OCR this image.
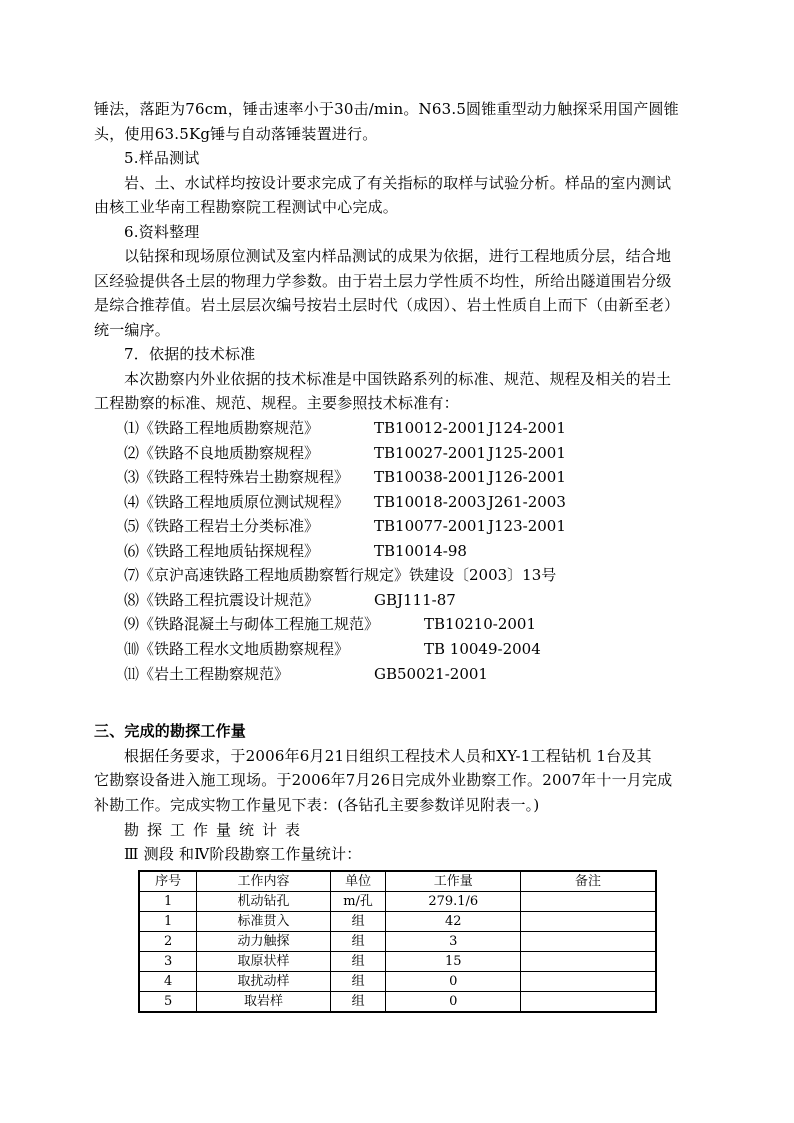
锤法，落距为76cm，锤击速率小于30击/min。N63.5圆锥重型动力触探采用国产圆锥
头，使用63.5Kg锤与自动落锤装置进行。
5.样品测试
岩、土、水试样均按设计要求完成了有关指标的取样与试验分析。样品的室内测试
由核工业华南工程勘察院工程测试中心完成。
6.资料整理
以钻探和现场原位测试及室内样品测试的成果为依据，进行工程地质分层，结合地
区经验提供各土层的物理力学参数。由于岩土层力学性质不均性，所给出隧道围岩分级
是综合推荐值。岩土层层次编号按岩土层时代（成因）、岩土性质自上而下（由新至老）
统一编序。
7．依据的技术标准
本次勘察内外业依据的技术标准是中国铁路系列的标准、规范、规程及相关的岩土
工程勘察的标准、规范、规程。主要参照技术标准有：
⑴《铁路工程地质勘察规范》	TB10012-2001 J124-2001
⑵《铁路不良地质勘察规程》	TB10027-2001 J125-2001
⑶《铁路工程特殊岩土勘察规程》 TB10038-2001 J126-2001
⑷《铁路工程地质原位测试规程》 TB10018-2003 J261-2003
⑸《铁路工程岩土分类标准》	TB10077-2001 J123-2001
⑹《铁路工程地质钻探规程》	TB10014-98
⑺《京沪高速铁路工程地质勘察暂行规定》铁建设〔2003〕13号
⑻《铁路工程抗震设计规范》	GBJ111-87
⑼《铁路混凝土与砌体工程施工规范》	TB10210-2001
⑽《铁路工程水文地质勘察规程》	TB 10049-2004
⑾《岩土工程勘察规范》	GB50021-2001
三、完成的勘探工作量
根据任务要求，于2006年6月21日组织工程技术人员和XY-1工程钻机 1台及其
它勘察设备进入施工现场。于2006年7月26日完成外业勘察工作。2007年十一月完成
补勘工作。完成实物工作量见下表：(各钻孔主要参数详见附表一。)
勘探工作量统计表
Ⅲ 测段 和Ⅳ阶段勘察工作量统计：
序号	工作内容	单位	工作量	备注
1	机动钻孔	m/孔	279.1/6	
1	标准贯入	组	42	
2	动力触探	组	3	
3	取原状样	组	15	
4	取扰动样	组	0	
5	取岩样	组	0	
